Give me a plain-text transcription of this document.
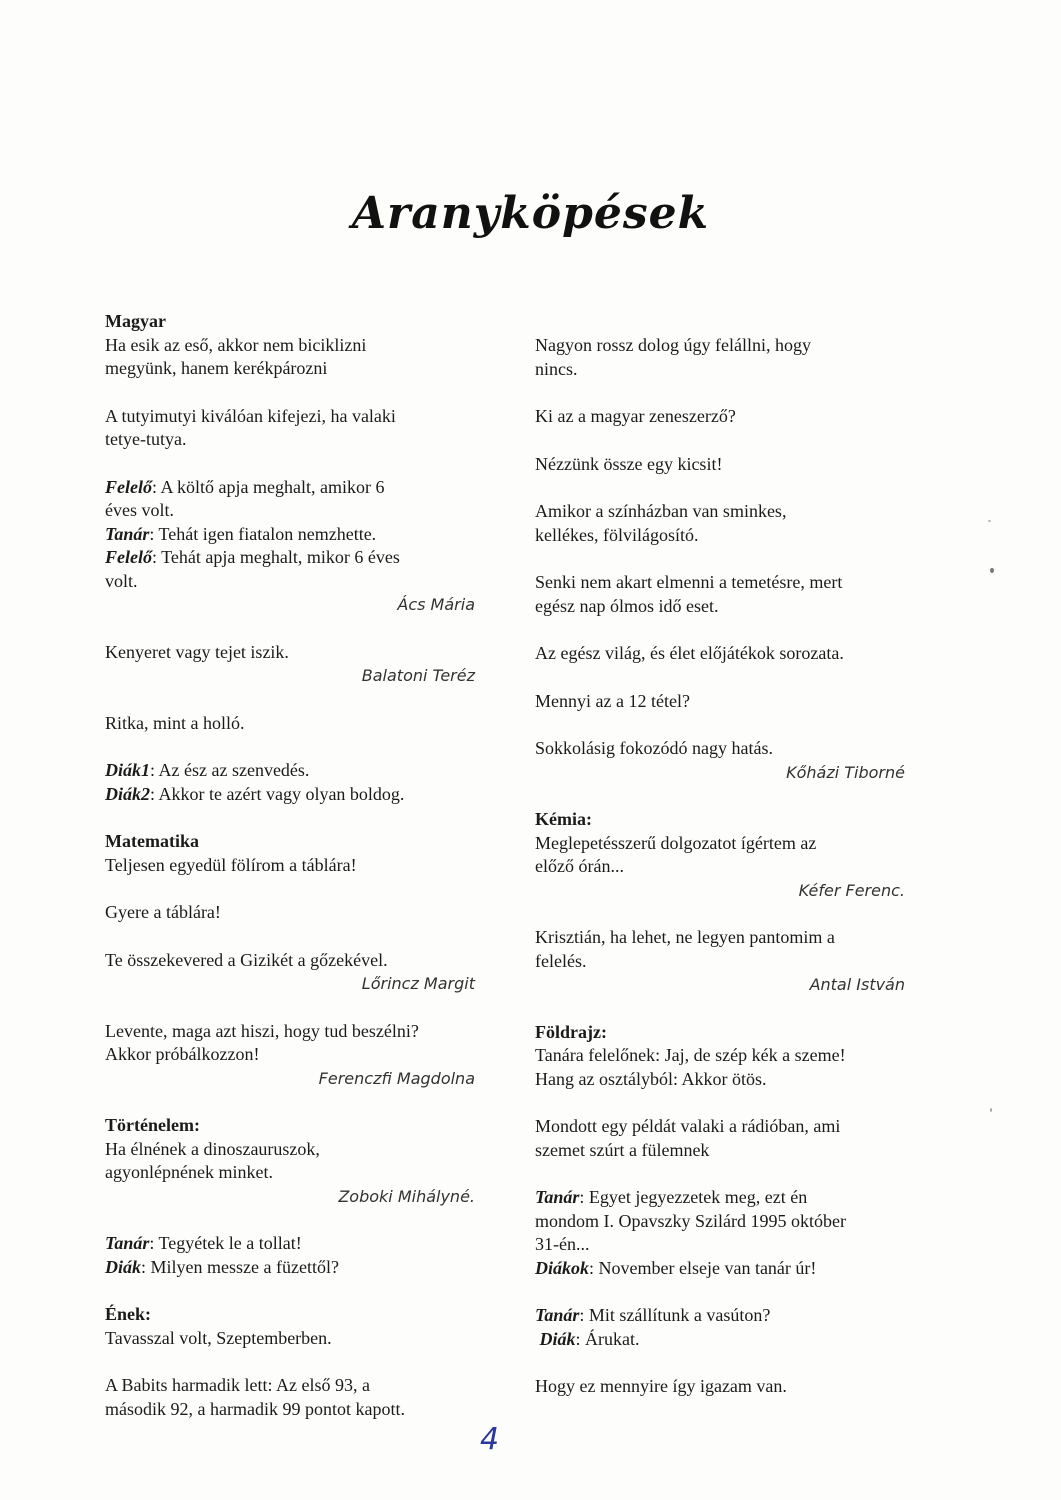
Aranyköpések
Magyar
Ha esik az eső, akkor nem biciklizni
megyünk, hanem kerékpározni
A tutyimutyi kiválóan kifejezi, ha valaki
tetye-tutya.
Felelő: A költő apja meghalt, amikor 6
éves volt.
Tanár: Tehát igen fiatalon nemzhette.
Felelő: Tehát apja meghalt, mikor 6 éves
volt.
Ács Mária
Kenyeret vagy tejet iszik.
Balatoni Teréz
Ritka, mint a holló.
Diák1: Az ész az szenvedés.
Diák2: Akkor te azért vagy olyan boldog.
Matematika
Teljesen egyedül fölírom a táblára!
Gyere a táblára!
Te összekevered a Gizikét a gőzekével.
Lőrincz Margit
Levente, maga azt hiszi, hogy tud beszélni?
Akkor próbálkozzon!
Ferenczfi Magdolna
Történelem:
Ha élnének a dinoszauruszok,
agyonlépnének minket.
Zoboki Mihályné.
Tanár: Tegyétek le a tollat!
Diák: Milyen messze a füzettől?
Ének:
Tavasszal volt, Szeptemberben.
A Babits harmadik lett: Az első 93, a
második 92, a harmadik 99 pontot kapott.
Nagyon rossz dolog úgy felállni, hogy
nincs.
Ki az a magyar zeneszerző?
Nézzünk össze egy kicsit!
Amikor a színházban van sminkes,
kellékes, fölvilágosító.
Senki nem akart elmenni a temetésre, mert
egész nap ólmos idő eset.
Az egész világ, és élet előjátékok sorozata.
Mennyi az a 12 tétel?
Sokkolásig fokozódó nagy hatás.
Kőházi Tiborné
Kémia:
Meglepetésszerű dolgozatot ígértem az
előző órán...
Kéfer Ferenc.
Krisztián, ha lehet, ne legyen pantomim a
felelés.
Antal István
Földrajz:
Tanára felelőnek: Jaj, de szép kék a szeme!
Hang az osztályból: Akkor ötös.
Mondott egy példát valaki a rádióban, ami
szemet szúrt a fülemnek
Tanár: Egyet jegyezzetek meg, ezt én
mondom I. Opavszky Szilárd 1995 október
31-én...
Diákok: November elseje van tanár úr!
Tanár: Mit szállítunk a vasúton?
Diák: Árukat.
Hogy ez mennyire így igazam van.
4
